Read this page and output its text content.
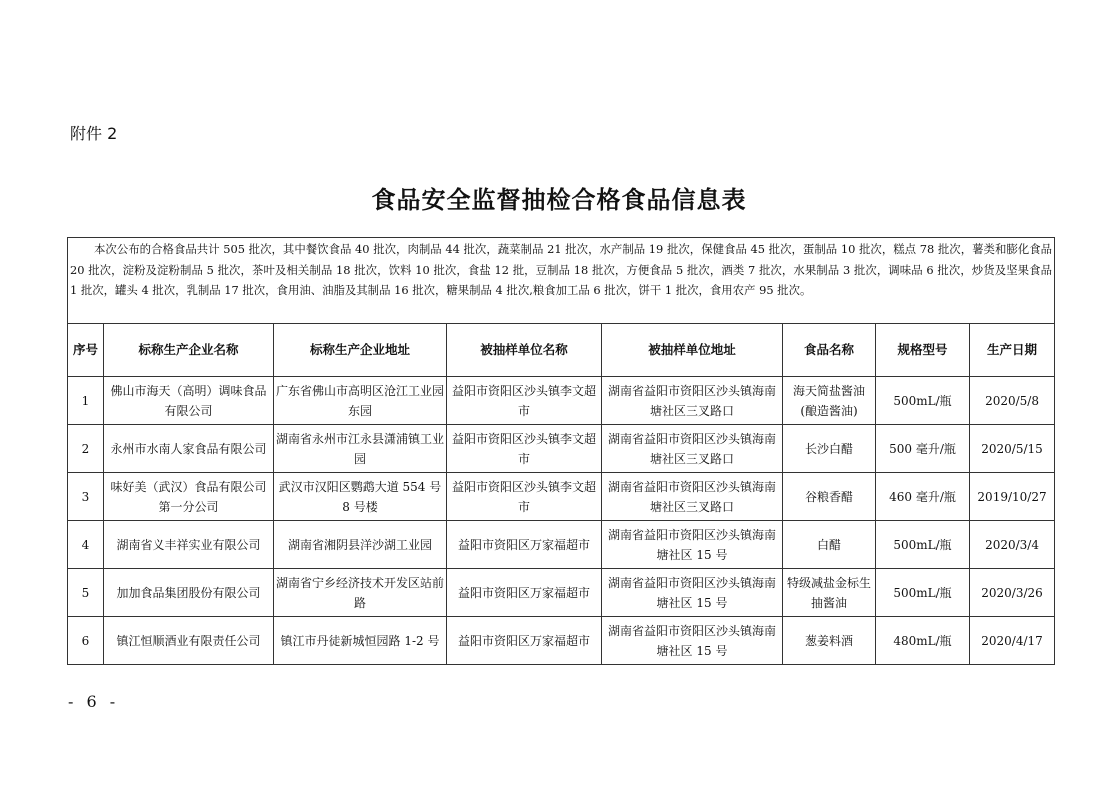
附件 2
食品安全监督抽检合格食品信息表
本次公布的合格食品共计 505 批次，其中餐饮食品 40 批次，肉制品 44 批次，蔬菜制品 21 批次，水产制品 19 批次，保健食品 45 批次，蛋制品 10 批次，糕点 78 批次，薯类和膨化食品 20 批次，淀粉及淀粉制品 5 批次，茶叶及相关制品 18 批次，饮料 10 批次，食盐 12 批，豆制品 18 批次，方便食品 5 批次，酒类 7 批次，水果制品 3 批次，调味品 6 批次，炒货及坚果食品 1 批次，罐头 4 批次，乳制品 17 批次，食用油、油脂及其制品 16 批次，糖果制品 4 批次,粮食加工品 6 批次，饼干 1 批次，食用农产 95 批次。							
序号	标称生产企业名称	标称生产企业地址	被抽样单位名称	被抽样单位地址	食品名称	规格型号	生产日期
1	佛山市海天（高明）调味食品有限公司	广东省佛山市高明区沧江工业园东园	益阳市资阳区沙头镇李文超市	湖南省益阳市资阳区沙头镇海南塘社区三叉路口	海天简盐酱油(酿造酱油)	500mL/瓶	2020/5/8
2	永州市水南人家食品有限公司	湖南省永州市江永县潇浦镇工业园	益阳市资阳区沙头镇李文超市	湖南省益阳市资阳区沙头镇海南塘社区三叉路口	长沙白醋	500 毫升/瓶	2020/5/15
3	味好美（武汉）食品有限公司第一分公司	武汉市汉阳区鹦鹉大道 554 号 8 号楼	益阳市资阳区沙头镇李文超市	湖南省益阳市资阳区沙头镇海南塘社区三叉路口	谷粮香醋	460 毫升/瓶	2019/10/27
4	湖南省义丰祥实业有限公司	湖南省湘阴县洋沙湖工业园	益阳市资阳区万家福超市	湖南省益阳市资阳区沙头镇海南塘社区 15 号	白醋	500mL/瓶	2020/3/4
5	加加食品集团股份有限公司	湖南省宁乡经济技术开发区站前路	益阳市资阳区万家福超市	湖南省益阳市资阳区沙头镇海南塘社区 15 号	特级减盐金标生抽酱油	500mL/瓶	2020/3/26
6	镇江恒顺酒业有限责任公司	镇江市丹徒新城恒园路 1-2 号	益阳市资阳区万家福超市	湖南省益阳市资阳区沙头镇海南塘社区 15 号	葱姜料酒	480mL/瓶	2020/4/17
- 6 -
